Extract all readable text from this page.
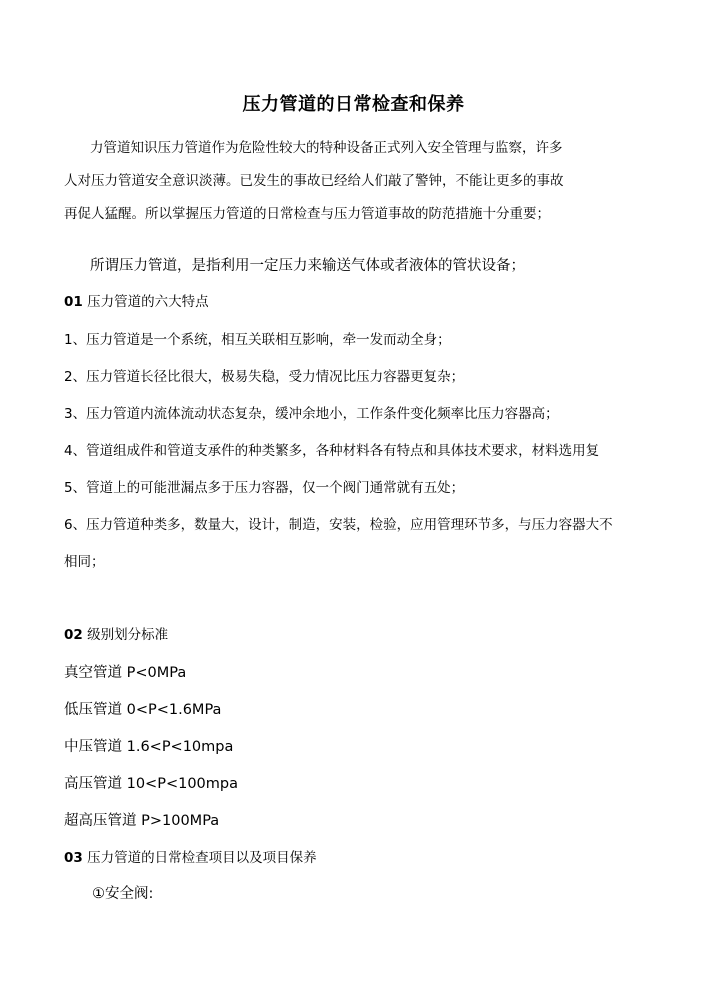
压力管道的日常检查和保养
力管道知识压力管道作为危险性较大的特种设备正式列入安全管理与监察，许多
人对压力管道安全意识淡薄。已发生的事故已经给人们敲了警钟，不能让更多的事故
再促人猛醒。所以掌握压力管道的日常检查与压力管道事故的防范措施十分重要；
所谓压力管道，是指利用一定压力来输送气体或者液体的管状设备；
01 压力管道的六大特点
1、压力管道是一个系统，相互关联相互影响，牵一发而动全身；
2、压力管道长径比很大，极易失稳，受力情况比压力容器更复杂；
3、压力管道内流体流动状态复杂，缓冲余地小，工作条件变化频率比压力容器高；
4、管道组成件和管道支承件的种类繁多，各种材料各有特点和具体技术要求，材料选用复
5、管道上的可能泄漏点多于压力容器，仅一个阀门通常就有五处；
6、压力管道种类多，数量大，设计，制造，安装，检验，应用管理环节多，与压力容器大不
相同；
02 级别划分标准
真空管道 P<0MPa
低压管道 0<P<1.6MPa
中压管道 1.6<P<10mpa
高压管道 10<P<100mpa
超高压管道 P>100MPa
03 压力管道的日常检查项目以及项目保养
①安全阀:
